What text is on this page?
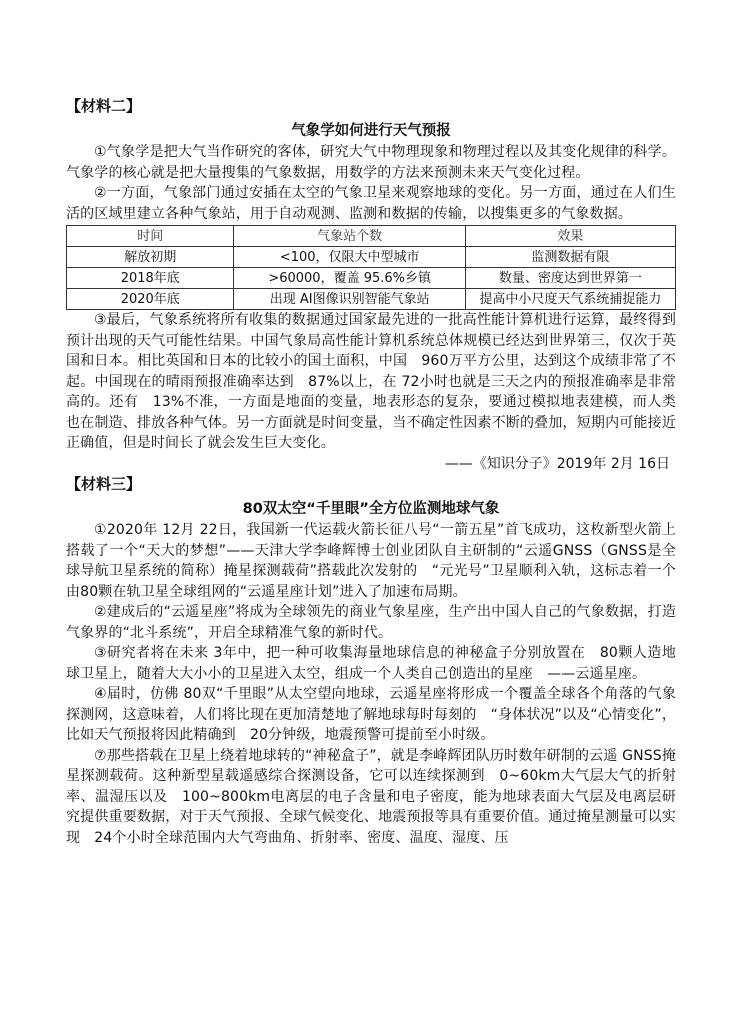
【材料二】

气象学如何进行天气预报

①气象学是把大气当作研究的客体，研究大气中物理现象和物理过程以及其变化规律的科学。气象学的核心就是把大量搜集的气象数据，用数学的方法来预测未来天气变化过程。

②一方面，气象部门通过安插在太空的气象卫星来观察地球的变化。另一方面，通过在人们生活的区域里建立各种气象站，用于自动观测、监测和数据的传输，以搜集更多的气象数据。

时间	气象站个数	效果
解放初期	<100，仅限大中型城市	监测数据有限
2018年底	>60000，覆盖 95.6%乡镇	数量、密度达到世界第一
2020年底	出现 AI图像识别智能气象站	提高中小尺度天气系统捕捉能力

③最后，气象系统将所有收集的数据通过国家最先进的一批高性能计算机进行运算，最终得到预计出现的天气可能性结果。中国气象局高性能计算机系统总体规模已经达到世界第三，仅次于英国和日本。相比英国和日本的比较小的国土面积，中国　960万平方公里，达到这个成绩非常了不起。中国现在的晴雨预报准确率达到　87%以上，在 72小时也就是三天之内的预报准确率是非常高的。还有　13%不准，一方面是地面的变量，地表形态的复杂，要通过模拟地表建模，而人类也在制造、排放各种气体。另一方面就是时间变量，当不确定性因素不断的叠加，短期内可能接近正确值，但是时间长了就会发生巨大变化。

——《知识分子》2019年 2月 16日

【材料三】

80双太空“千里眼”全方位监测地球气象

①2020年 12月 22日，我国新一代运载火箭长征八号“一箭五星”首飞成功，这枚新型火箭上搭载了一个“天大的梦想”——天津大学李峰辉博士创业团队自主研制的“云遥GNSS（GNSS是全球导航卫星系统的简称）掩星探测载荷”搭载此次发射的　“元光号”卫星顺利入轨，这标志着一个由80颗在轨卫星全球组网的“云遥星座计划”进入了加速布局期。

②建成后的“云遥星座”将成为全球领先的商业气象星座，生产出中国人自己的气象数据，打造气象界的“北斗系统”，开启全球精准气象的新时代。

③研究者将在未来 3年中，把一种可收集海量地球信息的神秘盒子分别放置在　80颗人造地球卫星上，随着大大小小的卫星进入太空，组成一个人类自己创造出的星座　——云遥星座。

④届时，仿佛 80双“千里眼”从太空望向地球，云遥星座将形成一个覆盖全球各个角落的气象探测网，这意味着，人们将比现在更加清楚地了解地球每时每刻的　“身体状况”以及“心情变化”，比如天气预报将因此精确到　20分钟级，地震预警可提前至小时级。

⑦那些搭载在卫星上绕着地球转的“神秘盒子”，就是李峰辉团队历时数年研制的云遥 GNSS掩星探测载荷。这种新型星载遥感综合探测设备，它可以连续探测到　0~60km大气层大气的折射率、温湿压以及　100~800km电离层的电子含量和电子密度，能为地球表面大气层及电离层研究提供重要数据，对于天气预报、全球气候变化、地震预报等具有重要价值。通过掩星测量可以实现　24个小时全球范围内大气弯曲角、折射率、密度、温度、湿度、压
